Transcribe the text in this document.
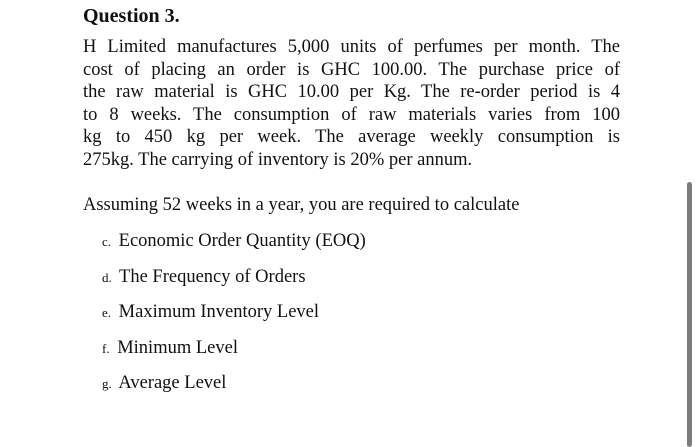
Question 3.
H Limited manufactures 5,000 units of perfumes per month. The
cost of placing an order is GHC 100.00. The purchase price of
the raw material is GHC 10.00 per Kg. The re-order period is 4
to 8 weeks. The consumption of raw materials varies from 100
kg to 450 kg per week. The average weekly consumption is
275kg. The carrying of inventory is 20% per annum.
Assuming 52 weeks in a year, you are required to calculate
c. Economic Order Quantity (EOQ)
d. The Frequency of Orders
e. Maximum Inventory Level
f. Minimum Level
g. Average Level
